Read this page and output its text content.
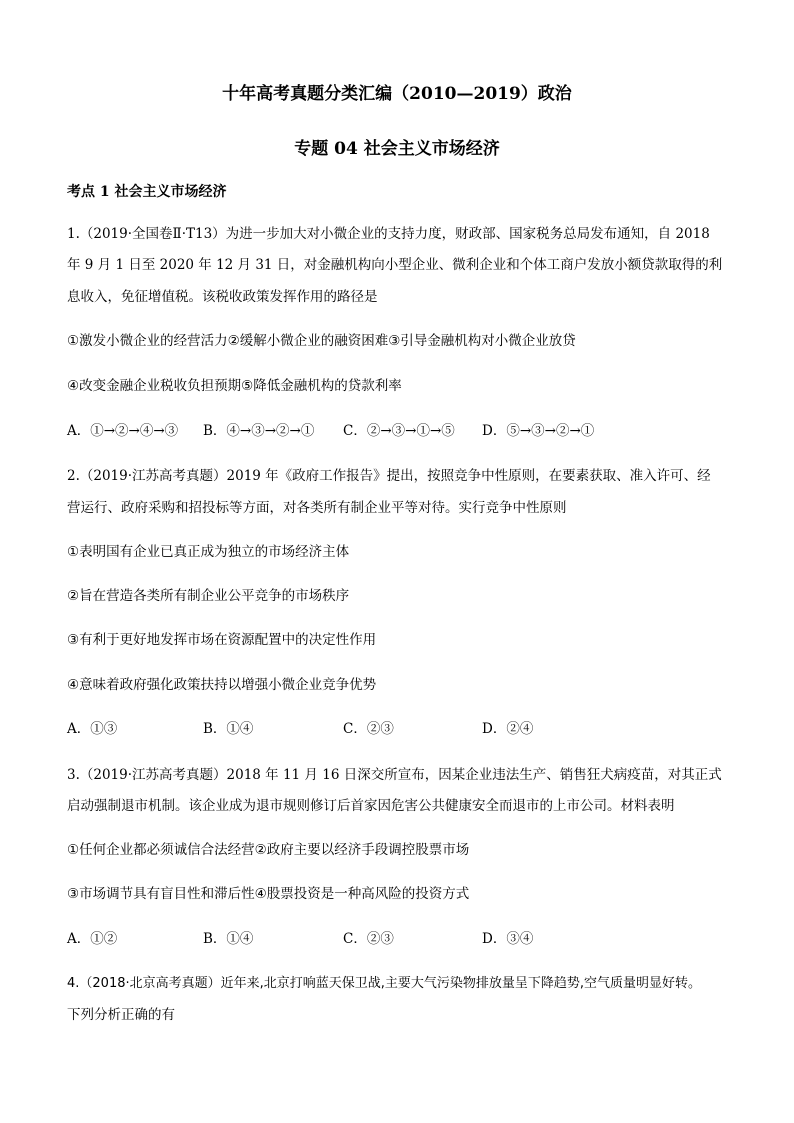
十年高考真题分类汇编（2010—2019）政治
专题 04 社会主义市场经济
考点 1 社会主义市场经济
1.（2019·全国卷Ⅱ·T13）为进一步加大对小微企业的支持力度，财政部、国家税务总局发布通知，自 2018
年 9 月 1 日至 2020 年 12 月 31 日，对金融机构向小型企业、微利企业和个体工商户发放小额贷款取得的利
息收入，免征增值税。该税收政策发挥作用的路径是
①激发小微企业的经营活力②缓解小微企业的融资困难③引导金融机构对小微企业放贷
④改变金融企业税收负担预期⑤降低金融机构的贷款利率
A．①→②→④→③ B．④→③→②→① C．②→③→①→⑤ D．⑤→③→②→①
2.（2019·江苏高考真题）2019 年《政府工作报告》提出，按照竞争中性原则，在要素获取、准入许可、经
营运行、政府采购和招投标等方面，对各类所有制企业平等对待。实行竞争中性原则
①表明国有企业已真正成为独立的市场经济主体
②旨在营造各类所有制企业公平竞争的市场秩序
③有利于更好地发挥市场在资源配置中的决定性作用
④意味着政府强化政策扶持以增强小微企业竞争优势
A．①③	B．①④	C．②③	D．②④
3.（2019·江苏高考真题）2018 年 11 月 16 日深交所宣布，因某企业违法生产、销售狂犬病疫苗，对其正式
启动强制退市机制。该企业成为退市规则修订后首家因危害公共健康安全而退市的上市公司。材料表明
①任何企业都必须诚信合法经营②政府主要以经济手段调控股票市场
③市场调节具有盲目性和滞后性④股票投资是一种高风险的投资方式
A．①②	B．①④	C．②③	D．③④
4.（2018·北京高考真题）近年来,北京打响蓝天保卫战,主要大气污染物排放量呈下降趋势,空气质量明显好转。
下列分析正确的有
